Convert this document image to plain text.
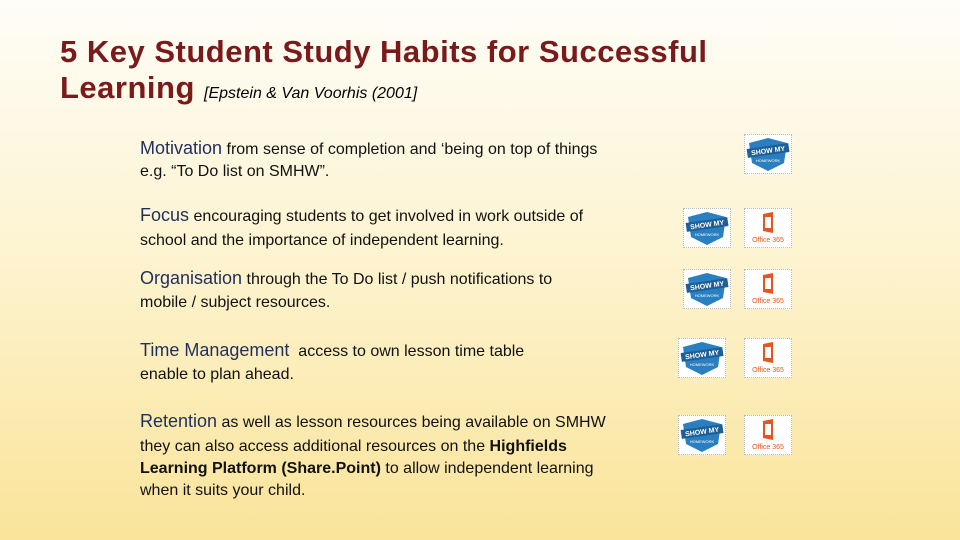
5 Key Student Study Habits for Successful
Learning [Epstein & Van Voorhis (2001]
Motivation from sense of completion and ‘being on top of things
e.g. “To Do list on SMHW”.
Focus encouraging students to get involved in work outside of
school and the importance of independent learning.
Organisation through the To Do list / push notifications to
mobile / subject resources.
Time Management access to own lesson time table
enable to plan ahead.
Retention as well as lesson resources being available on SMHW
they can also access additional resources on the Highfields
Learning Platform (Share.Point) to allow independent learning
when it suits your child.
SHOW MY
HOMEWORK
SHOW MY
HOMEWORK
SHOW MY
HOMEWORK
SHOW MY
HOMEWORK
SHOW MY
HOMEWORK
Office 365
Office 365
Office 365
Office 365
